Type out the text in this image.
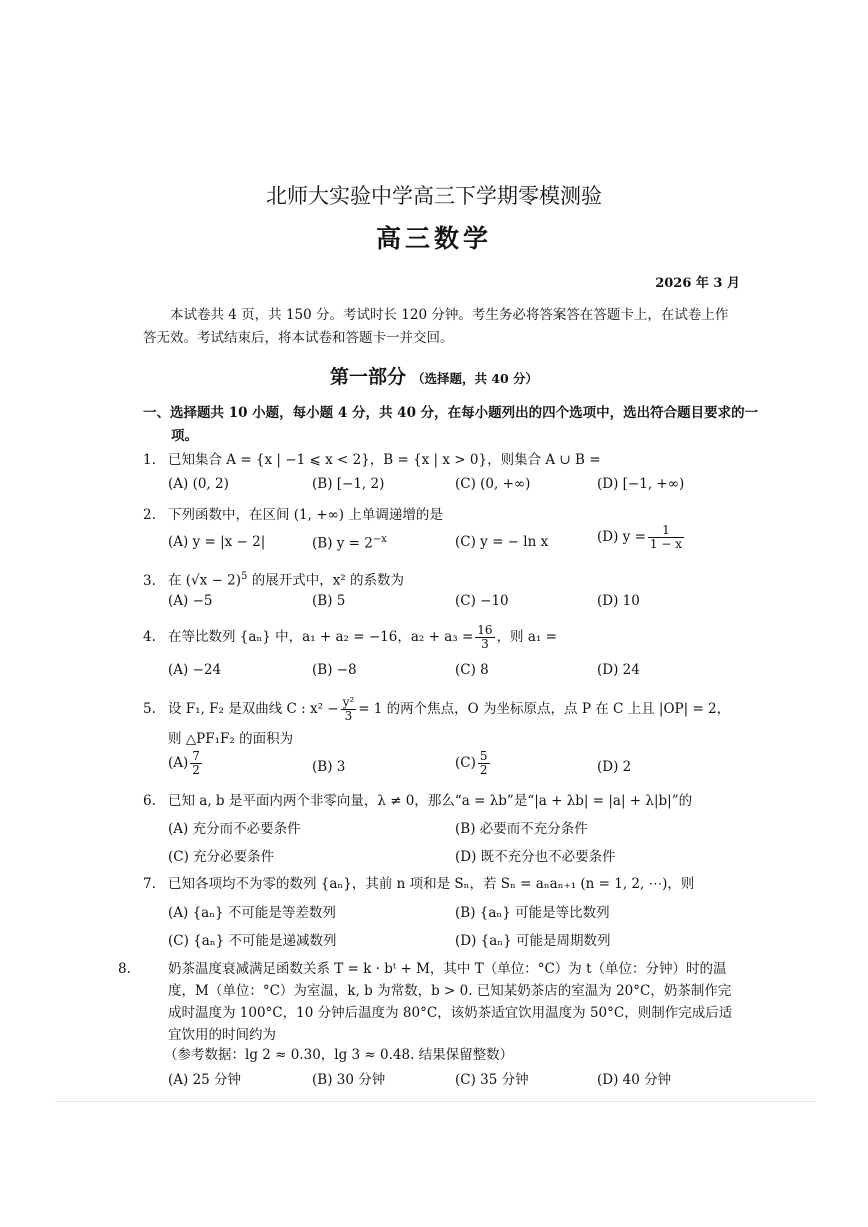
北师大实验中学高三下学期零模测验
高三数学
2026 年 3 月
本试卷共 4 页，共 150 分。考试时长 120 分钟。考生务必将答案答在答题卡上，在试卷上作答无效。考试结束后，将本试卷和答题卡一并交回。
第一部分 （选择题，共 40 分）
一、选择题共 10 小题，每小题 4 分，共 40 分，在每小题列出的四个选项中，选出符合题目要求的一项。
1. 已知集合 A = {x | −1 ⩽ x < 2}，B = {x | x > 0}，则集合 A ∪ B =
(A) (0, 2)	(B) [−1, 2)	(C) (0, +∞)	(D) [−1, +∞)
2. 下列函数中，在区间 (1, +∞) 上单调递增的是
(A) y = |x − 2|	(B) $y = 2^{-x}$	(C) y = − ln x	(D) $y = \frac{1}{1 - x}$
3. 在 $(√x - 2)^5$ 的展开式中，x² 的系数为
(A) −5	(B) 5	(C) −10	(D) 10
4. 在等比数列 {aₙ} 中，a₁ + a₂ = −16，$a_2 + a_3 = \frac{16}{3}$ ，则 a₁ =
(A) −24	(B) −8	(C) 8	(D) 24
5. 设 F₁, F₂ 是双曲线 C : $x^2 - \frac{\text{y²}}{3} = 1$ 的两个焦点，O 为坐标原点，点 P 在 C 上且 |OP| = 2，
则 △PF₁F₂ 的面积为
$(A) \frac{7}{2}$	(B) 3	$(C) \frac{5}{2}$	(D) 2
6. 已知 a, b 是平面内两个非零向量，λ ≠ 0，那么“a = λb”是“|a + λb| = |a| + λ|b|”的
(A) 充分而不必要条件	(B) 必要而不充分条件
(C) 充分必要条件	(D) 既不充分也不必要条件
7. 已知各项均不为零的数列 {aₙ}，其前 n 项和是 Sₙ，若 Sₙ = aₙaₙ₊₁ (n = 1, 2, ⋯)，则
(A) {aₙ} 不可能是等差数列	(B) {aₙ} 可能是等比数列
(C) {aₙ} 不可能是递减数列	(D) {aₙ} 可能是周期数列
8.	奶茶温度衰减满足函数关系 T = k · bᵗ + M，其中 T（单位：°C）为 t（单位：分钟）时的温度，M（单位：°C）为室温，k, b 为常数，b > 0. 已知某奶茶店的室温为 20°C，奶茶制作完成时温度为 100°C，10 分钟后温度为 80°C，该奶茶适宜饮用温度为 50°C，则制作完成后适宜饮用的时间约为
（参考数据：lg 2 ≈ 0.30，lg 3 ≈ 0.48. 结果保留整数）
(A) 25 分钟	(B) 30 分钟	(C) 35 分钟	(D) 40 分钟
